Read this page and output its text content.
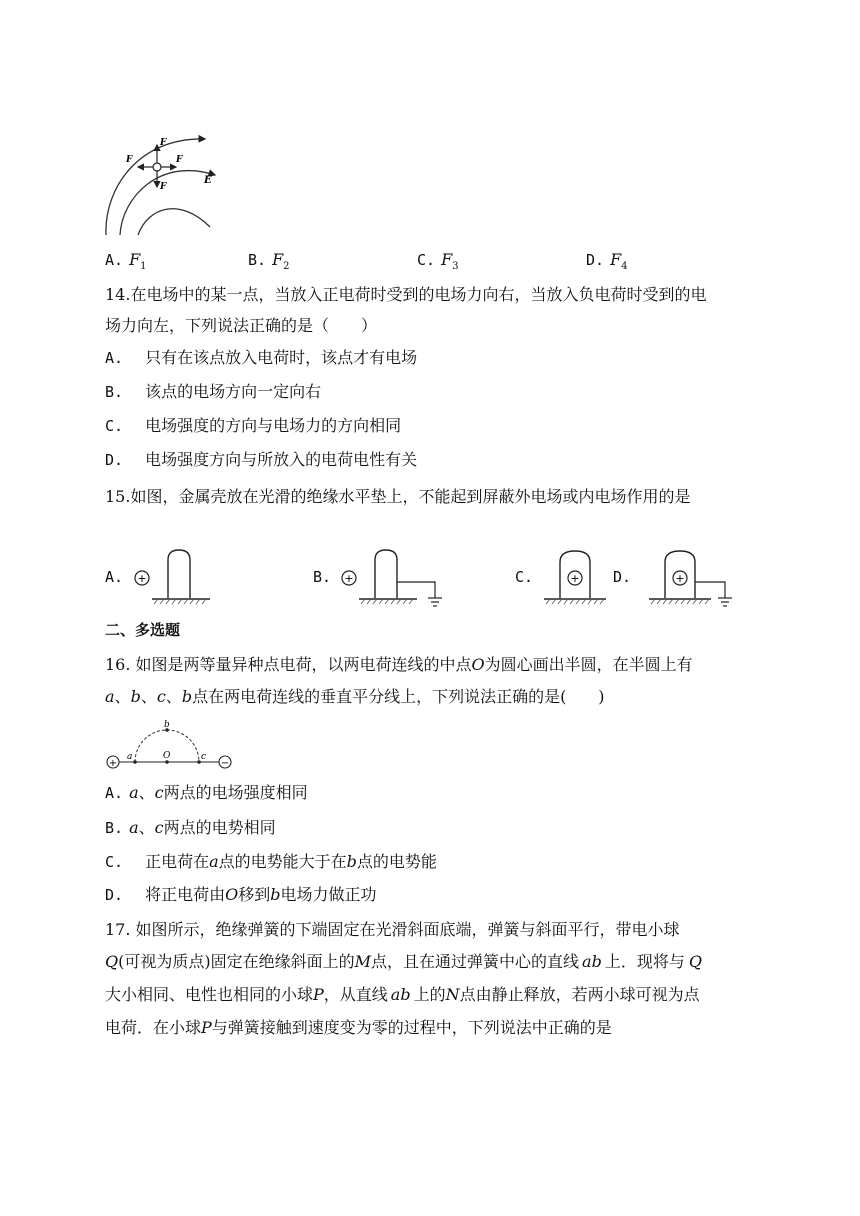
F
F
F
F
E
A. $F_1$	B. $F_2$	C. $F_3$	D. $F_4$
14.在电场中的某一点，当放入正电荷时受到的电场力向右，当放入负电荷时受到的电
场力向左，下列说法正确的是（　　）
A. 只有在该点放入电荷时，该点才有电场
B. 该点的电场方向一定向右
C. 电场强度的方向与电场力的方向相同
D. 电场强度方向与所放入的电荷电性有关
15.如图，金属壳放在光滑的绝缘水平垫上，不能起到屏蔽外电场或内电场作用的是
A. +	B. +	C.	+ D.	+
二、多选题
16. 如图是两等量异种点电荷，以两电荷连线的中点O为圆心画出半圆，在半圆上有
a、b、c、b点在两电荷连线的垂直平分线上，下列说法正确的是(　　)
+	−
b
a	O	c
A. a、c两点的电场强度相同
B. a、c两点的电势相同
C. 正电荷在a点的电势能大于在b点的电势能
D. 将正电荷由O移到b电场力做正功
17. 如图所示，绝缘弹簧的下端固定在光滑斜面底端，弹簧与斜面平行，带电小球
Q(可视为质点)固定在绝缘斜面上的M点，且在通过弹簧中心的直线 ab 上．现将与 Q
大小相同、电性也相同的小球P，从直线 ab 上的N点由静止释放，若两小球可视为点
电荷．在小球P与弹簧接触到速度变为零的过程中，下列说法中正确的是
